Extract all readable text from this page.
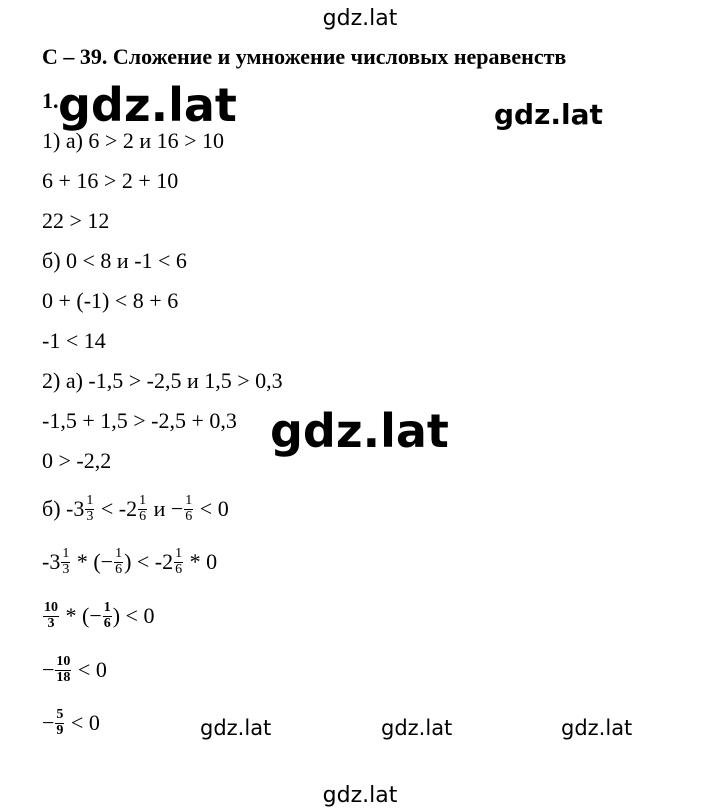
gdz.lat
С – 39. Сложение и умножение числовых неравенств
1. gdz.lat	gdz.lat
1) а) 6 > 2 и 16 > 10
6 + 16 > 2 + 10
22 > 12
б) 0 < 8 и -1 < 6
0 + (-1) < 8 + 6
-1 < 14
2) а) -1,5 > -2,5 и 1,5 > 0,3
-1,5 + 1,5 > -2,5 + 0,3
0 > -2,2
gdz.lat
б) $-3 \frac{1}{3} < -2 \frac{1}{6}$ $и - \frac{1}{6} < 0$
$-3 \frac{1}{3}$ * (− $\frac{1}{6}$ ) < $-2 \frac{1}{6} * 0$
$\frac{10}{3}$ * (− $\frac{1}{6}$ ) < 0
− $\frac{10}{18} < 0$
− $\frac{5}{9} < 0$	gdz.lat	gdz.lat	gdz.lat
gdz.lat
